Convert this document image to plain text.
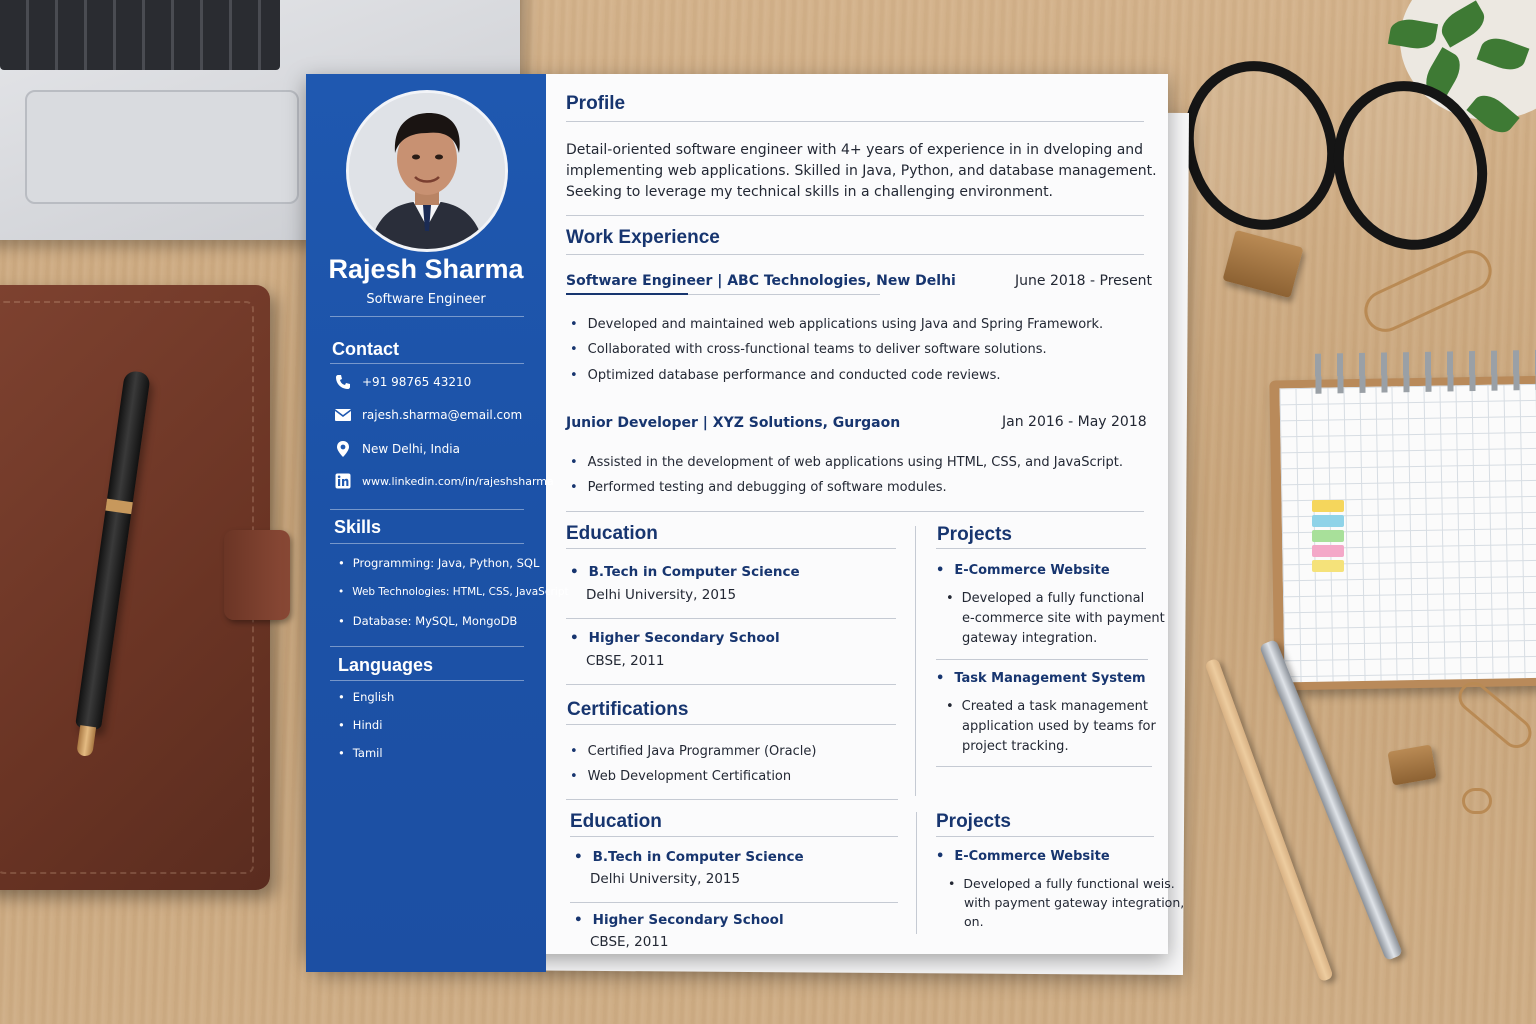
Rajesh Sharma
Software Engineer
Contact
+91 98765 43210
rajesh.sharma@email.com
New Delhi, India
www.linkedin.com/in/rajeshsharma
Skills
• Programming: Java, Python, SQL
• Web Technologies: HTML, CSS, JavaScript
• Database: MySQL, MongoDB
Languages
• English
• Hindi
• Tamil
Profile
Detail-oriented software engineer with 4+ years of experience in in dveloping and
implementing web applications. Skilled in Java, Python, and database management.
Seeking to leverage my technical skills in a challenging environment.
Work Experience
Software Engineer | ABC Technologies, New Delhi	June 2018 - Present
• Developed and maintained web applications using Java and Spring Framework.
• Collaborated with cross-functional teams to deliver software solutions.
• Optimized database performance and conducted code reviews.
Junior Developer | XYZ Solutions, Gurgaon	Jan 2016 - May 2018
• Assisted in the development of web applications using HTML, CSS, and JavaScript.
• Performed testing and debugging of software modules.
Education
• B.Tech in Computer Science
Delhi University, 2015
• Higher Secondary School
CBSE, 2011
Certifications
• Certified Java Programmer (Oracle)
• Web Development Certification
Education
• B.Tech in Computer Science
Delhi University, 2015
• Higher Secondary School
CBSE, 2011
Projects
• E-Commerce Website
• Developed a fully functional
e-commerce site with payment
gateway integration.
• Task Management System
• Created a task management
application used by teams for
project tracking.
Projects
• E-Commerce Website
• Developed a fully functional weis.
with payment gateway integration,
on.
